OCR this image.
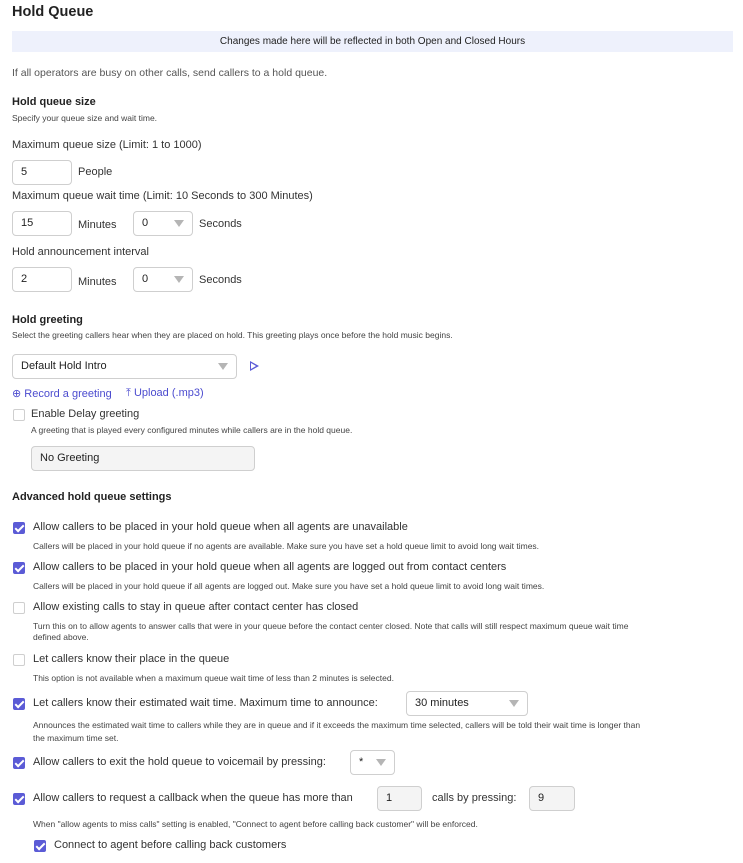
Hold Queue
Changes made here will be reflected in both Open and Closed Hours
If all operators are busy on other calls, send callers to a hold queue.
Hold queue size
Specify your queue size and wait time.
Maximum queue size (Limit: 1 to 1000)
5	People
Maximum queue wait time (Limit: 10 Seconds to 300 Minutes)
15	Minutes	0	Seconds
Hold announcement interval
2	Minutes	0	Seconds
Hold greeting
Select the greeting callers hear when they are placed on hold. This greeting plays once before the hold music begins.
Default Hold Intro
⊕ Record a greeting ⤒ Upload (.mp3)
Enable Delay greeting
A greeting that is played every configured minutes while callers are in the hold queue.
No Greeting
Advanced hold queue settings
Allow callers to be placed in your hold queue when all agents are unavailable
Callers will be placed in your hold queue if no agents are available. Make sure you have set a hold queue limit to avoid long wait times.
Allow callers to be placed in your hold queue when all agents are logged out from contact centers
Callers will be placed in your hold queue if all agents are logged out. Make sure you have set a hold queue limit to avoid long wait times.
Allow existing calls to stay in queue after contact center has closed
Turn this on to allow agents to answer calls that were in your queue before the contact center closed. Note that calls will still respect maximum queue wait time
defined above.
Let callers know their place in the queue
This option is not available when a maximum queue wait time of less than 2 minutes is selected.
Let callers know their estimated wait time. Maximum time to announce:	30 minutes
Announces the estimated wait time to callers while they are in queue and if it exceeds the maximum time selected, callers will be told their wait time is longer than
the maximum time set.
Allow callers to exit the hold queue to voicemail by pressing:	*
Allow callers to request a callback when the queue has more than	1	calls by pressing:	9
When "allow agents to miss calls" setting is enabled, "Connect to agent before calling back customer" will be enforced.
Connect to agent before calling back customers
